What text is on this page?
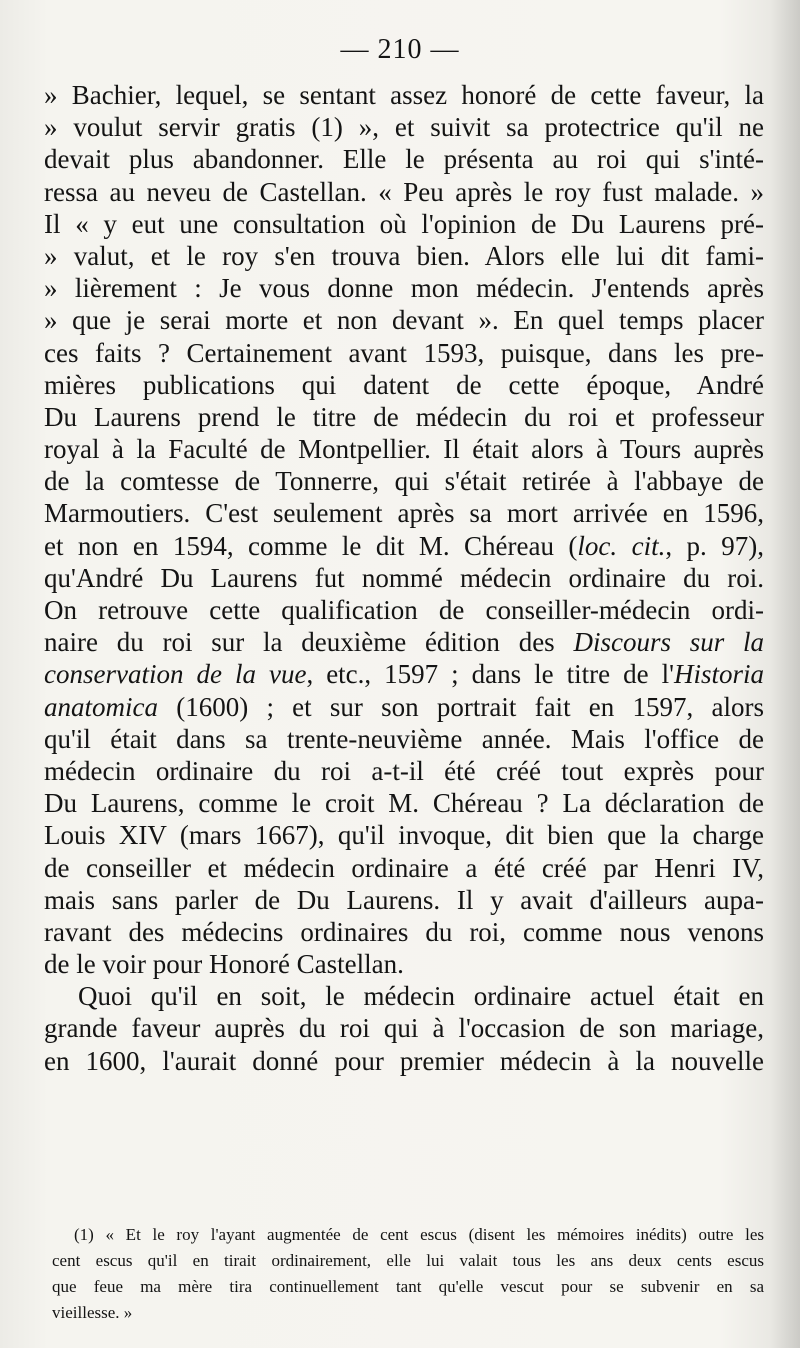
— 210 —
» Bachier, lequel, se sentant assez honoré de cette faveur, la
» voulut servir gratis (1) », et suivit sa protectrice qu'il ne
devait plus abandonner. Elle le présenta au roi qui s'inté-
ressa au neveu de Castellan. « Peu après le roy fust malade. »
Il « y eut une consultation où l'opinion de Du Laurens pré-
» valut, et le roy s'en trouva bien. Alors elle lui dit fami-
» lièrement : Je vous donne mon médecin. J'entends après
» que je serai morte et non devant ». En quel temps placer
ces faits ? Certainement avant 1593, puisque, dans les pre-
mières publications qui datent de cette époque, André
Du Laurens prend le titre de médecin du roi et professeur
royal à la Faculté de Montpellier. Il était alors à Tours auprès
de la comtesse de Tonnerre, qui s'était retirée à l'abbaye de
Marmoutiers. C'est seulement après sa mort arrivée en 1596,
et non en 1594, comme le dit M. Chéreau (loc. cit., p. 97),
qu'André Du Laurens fut nommé médecin ordinaire du roi.
On retrouve cette qualification de conseiller-médecin ordi-
naire du roi sur la deuxième édition des Discours sur la
conservation de la vue, etc., 1597 ; dans le titre de l'Historia
anatomica (1600) ; et sur son portrait fait en 1597, alors
qu'il était dans sa trente-neuvième année. Mais l'office de
médecin ordinaire du roi a-t-il été créé tout exprès pour
Du Laurens, comme le croit M. Chéreau ? La déclaration de
Louis XIV (mars 1667), qu'il invoque, dit bien que la charge
de conseiller et médecin ordinaire a été créé par Henri IV,
mais sans parler de Du Laurens. Il y avait d'ailleurs aupa-
ravant des médecins ordinaires du roi, comme nous venons
de le voir pour Honoré Castellan.
Quoi qu'il en soit, le médecin ordinaire actuel était en
grande faveur auprès du roi qui à l'occasion de son mariage,
en 1600, l'aurait donné pour premier médecin à la nouvelle
(1) « Et le roy l'ayant augmentée de cent escus (disent les mémoires inédits) outre les
cent escus qu'il en tirait ordinairement, elle lui valait tous les ans deux cents escus
que feue ma mère tira continuellement tant qu'elle vescut pour se subvenir en sa
vieillesse. »
